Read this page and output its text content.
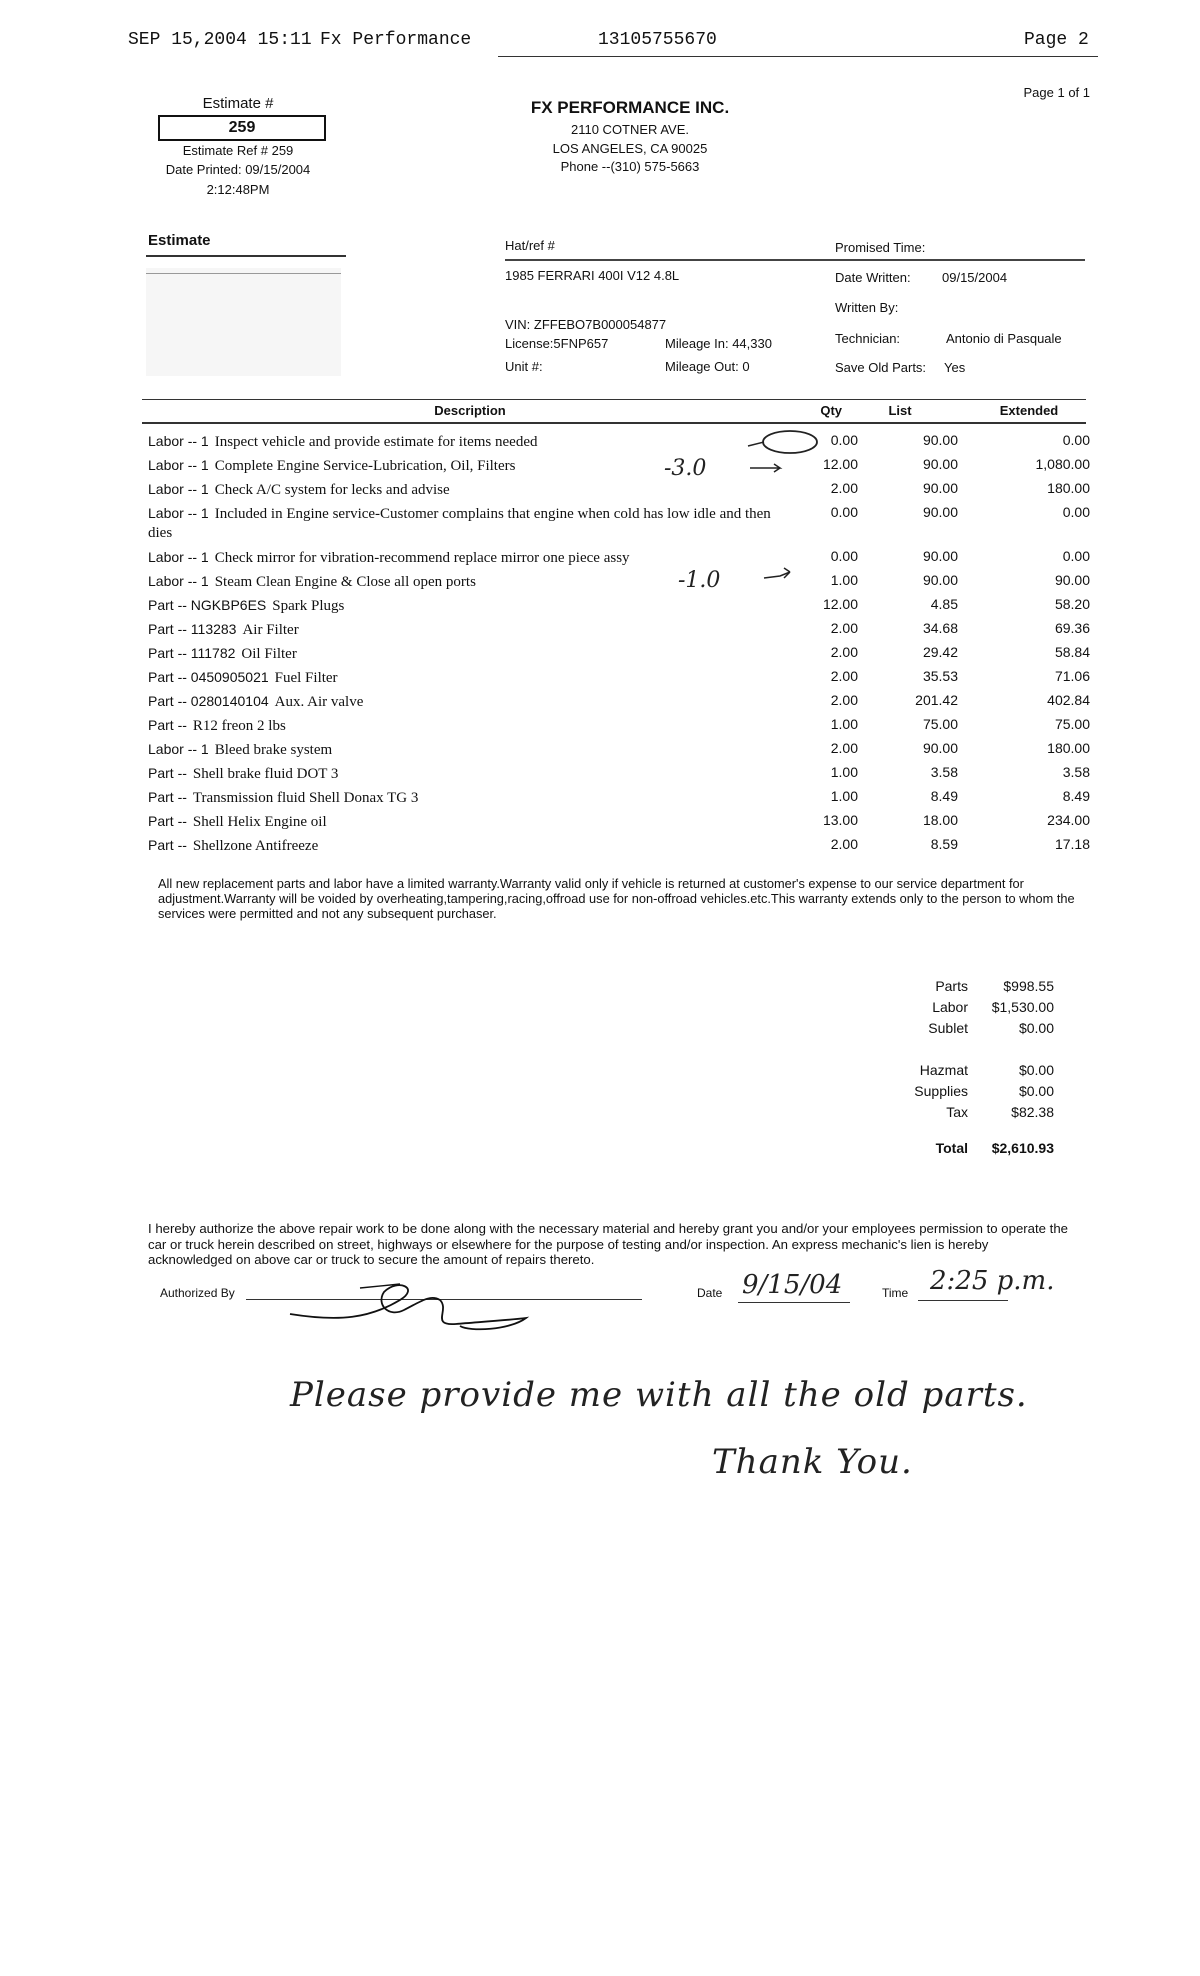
SEP 15,2004 15:11 Fx Performance	13105755670	Page 2
Estimate #
259
Estimate Ref # 259
Date Printed: 09/15/2004
2:12:48PM
FX PERFORMANCE INC.
2110 COTNER AVE.
LOS ANGELES, CA 90025
Phone --(310) 575-5663
Page 1 of 1
Estimate	Hat/ref #
1985 FERRARI 400I V12 4.8L
VIN: ZFFEBO7B000054877
License:5FNP657	Mileage In: 44,330
Unit #:	Mileage Out: 0
Promised Time:
Date Written: 09/15/2004
Written By:
Technician:	Antonio di Pasquale
Save Old Parts: Yes
Description	Qty	List	Extended
Labor -- 1 Inspect vehicle and provide estimate for items needed	0.00	90.00	0.00
Labor -- 1 Complete Engine Service-Lubrication, Oil, Filters	12.00	90.00	1,080.00
Labor -- 1 Check A/C system for lecks and advise	2.00	90.00	180.00
Labor -- 1 Included in Engine service-Customer complains that engine when cold has low idle and then dies
0.00	90.00	0.00
Labor -- 1 Check mirror for vibration-recommend replace mirror one piece assy	0.00	90.00	0.00
Labor -- 1 Steam Clean Engine & Close all open ports	1.00	90.00	90.00
Part -- NGKBP6ES Spark Plugs	12.00	4.85	58.20
Part -- 113283 Air Filter	2.00	34.68	69.36
Part -- 111782 Oil Filter	2.00	29.42	58.84
Part -- 0450905021 Fuel Filter	2.00	35.53	71.06
Part -- 0280140104 Aux. Air valve	2.00	201.42	402.84
Part -- R12 freon 2 lbs	1.00	75.00	75.00
Labor -- 1 Bleed brake system	2.00	90.00	180.00
Part -- Shell brake fluid DOT 3	1.00	3.58	3.58
Part -- Transmission fluid Shell Donax TG 3	1.00	8.49	8.49
Part -- Shell Helix Engine oil	13.00	18.00	234.00
Part -- Shellzone Antifreeze	2.00	8.59	17.18
-3.0
-1.0
All new replacement parts and labor have a limited warranty.Warranty valid only if vehicle is returned at customer's expense to our service department for adjustment.Warranty will be voided by overheating,tampering,racing,offroad use for non-offroad vehicles.etc.This warranty extends only to the person to whom the services were permitted and not any subsequent purchaser.
Parts	$998.55
Labor	$1,530.00
Sublet	$0.00
Hazmat	$0.00
Supplies	$0.00
Tax	$82.38
Total	$2,610.93
I hereby authorize the above repair work to be done along with the necessary material and hereby grant you and/or your employees permission to operate the car or truck herein described on street, highways or elsewhere for the purpose of testing and/or inspection. An express mechanic's lien is hereby acknowledged on above car or truck to secure the amount of repairs thereto.
Authorized By	Date 9/15/04	Time 2:25 p.m.
Please provide me with all the old parts.
Thank You.
